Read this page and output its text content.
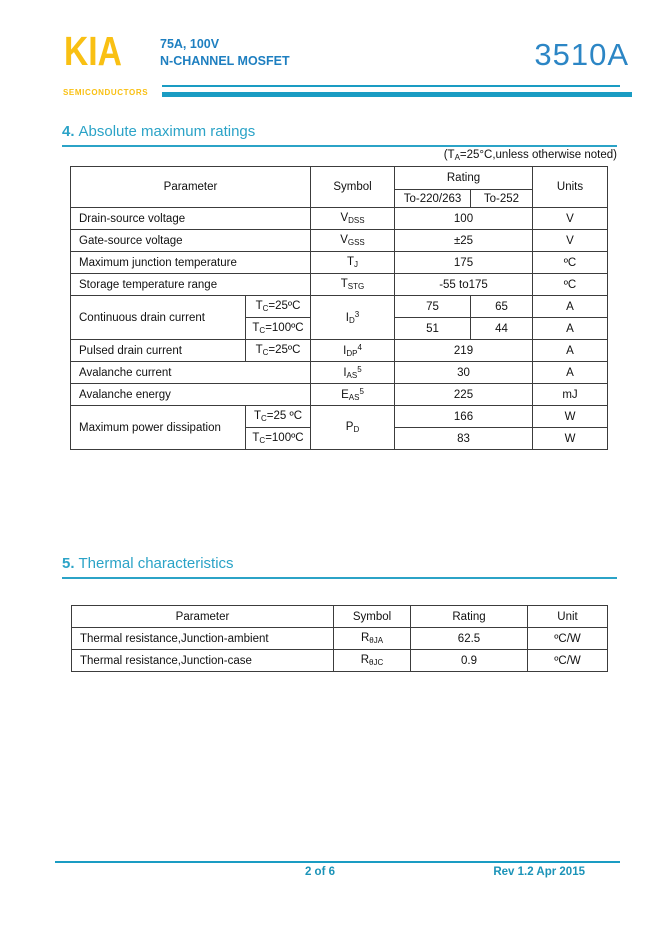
KIA
SEMICONDUCTORS
75A, 100V
N-CHANNEL MOSFET	3510A
4. Absolute maximum ratings
($T_A=25^\circ C,unless$ otherwise noted)
Parameter		Symbol	Rating		Units
			To-220/263	To-252	
Drain-source voltage		$V_{DSS}$	100		V
Gate-source voltage		$V_{GSS}$	±25		V
Maximum junction temperature		$T_J$	175		ºC
Storage temperature range		$T_{STG}$	-55 to175		ºC
Continuous drain current	$T_C=25ºC$	$I_D^3$	75	65	A
	$T_C=100ºC$		51	44	A
Pulsed drain current	$T_C=25ºC$	$I_{DP}^4$	219		A
Avalanche current		$I_{AS}^5$	30		A
Avalanche energy		$E_{AS}^5$	225		mJ
Maximum power dissipation	$T_C=25$ ºC	$P_D$	166		W
	$T_C=100ºC$		83		W
5. Thermal characteristics
Parameter	Symbol	Rating	Unit
Thermal resistance,Junction-ambient	$R_{\theta JA}$	62.5	ºC/W
Thermal resistance,Junction-case	$R_{\theta JC}$	0.9	ºC/W
2 of 6	Rev 1.2 Apr 2015
